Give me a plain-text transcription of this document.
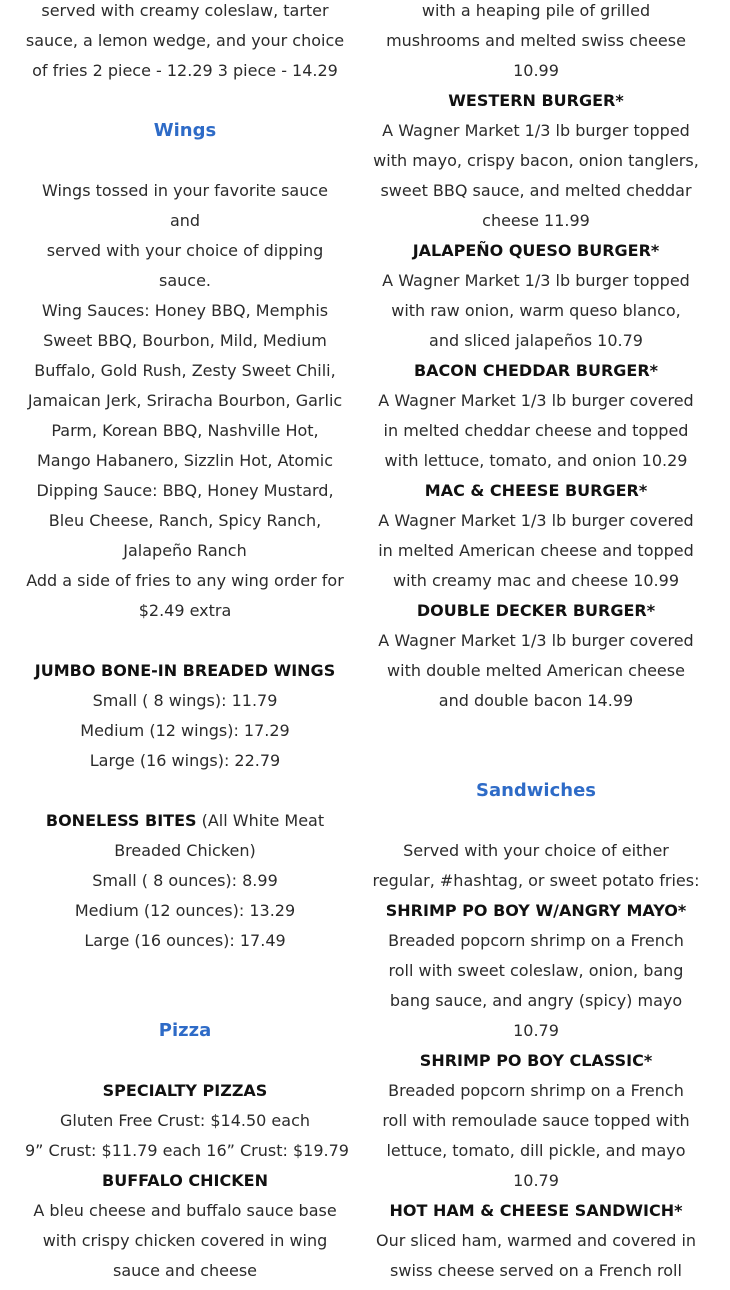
served with creamy coleslaw, tarter
sauce, a lemon wedge, and your choice
of fries 2 piece - 12.29 3 piece - 14.29
Wings
Wings tossed in your favorite sauce and
served with your choice of dipping
sauce.
Wing Sauces: Honey BBQ, Memphis
Sweet BBQ, Bourbon, Mild, Medium
Buffalo, Gold Rush, Zesty Sweet Chili,
Jamaican Jerk, Sriracha Bourbon, Garlic
Parm, Korean BBQ, Nashville Hot,
Mango Habanero, Sizzlin Hot, Atomic
Dipping Sauce: BBQ, Honey Mustard,
Bleu Cheese, Ranch, Spicy Ranch,
Jalapeño Ranch
Add a side of fries to any wing order for
$2.49 extra
JUMBO BONE-IN BREADED WINGS
Small ( 8 wings): 11.79
Medium (12 wings): 17.29
Large (16 wings): 22.79
BONELESS BITES (All White Meat
Breaded Chicken)
Small ( 8 ounces): 8.99
Medium (12 ounces): 13.29
Large (16 ounces): 17.49
Pizza
SPECIALTY PIZZAS
Gluten Free Crust: $14.50 each
9” Crust: $11.79 each 16” Crust: $19.79
BUFFALO CHICKEN
A bleu cheese and buffalo sauce base
with crispy chicken covered in wing
sauce and cheese
with a heaping pile of grilled
mushrooms and melted swiss cheese
10.99
WESTERN BURGER*
A Wagner Market 1/3 lb burger topped
with mayo, crispy bacon, onion tanglers,
sweet BBQ sauce, and melted cheddar
cheese 11.99
JALAPEÑO QUESO BURGER*
A Wagner Market 1/3 lb burger topped
with raw onion, warm queso blanco,
and sliced jalapeños 10.79
BACON CHEDDAR BURGER*
A Wagner Market 1/3 lb burger covered
in melted cheddar cheese and topped
with lettuce, tomato, and onion 10.29
MAC & CHEESE BURGER*
A Wagner Market 1/3 lb burger covered
in melted American cheese and topped
with creamy mac and cheese 10.99
DOUBLE DECKER BURGER*
A Wagner Market 1/3 lb burger covered
with double melted American cheese
and double bacon 14.99
Sandwiches
Served with your choice of either
regular, #hashtag, or sweet potato fries:
SHRIMP PO BOY W/ANGRY MAYO*
Breaded popcorn shrimp on a French
roll with sweet coleslaw, onion, bang
bang sauce, and angry (spicy) mayo
10.79
SHRIMP PO BOY CLASSIC*
Breaded popcorn shrimp on a French
roll with remoulade sauce topped with
lettuce, tomato, dill pickle, and mayo
10.79
HOT HAM & CHEESE SANDWICH*
Our sliced ham, warmed and covered in
swiss cheese served on a French roll
